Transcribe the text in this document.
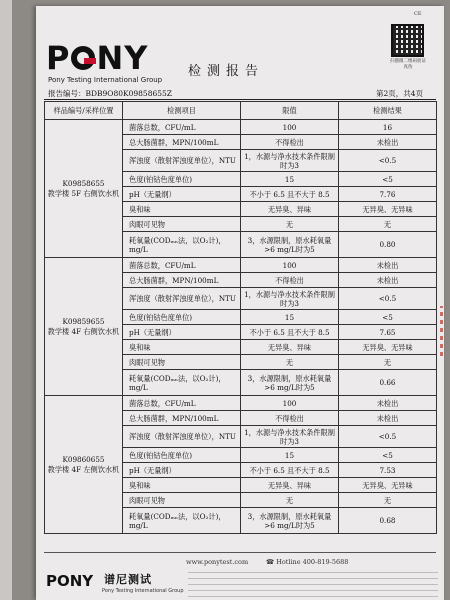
P NY
Pony Testing International Group
检测报告
CE
扫描微二维码验证真伪
报告编号：BDB9O80K09858655Z	第2页，共4页
样品编号/采样位置	检测项目	限值	检测结果
K09858655
教学楼 5F 右侧饮水机	菌落总数，CFU/mL	100	16
	总大肠菌群，MPN/100mL	不得检出	未检出
	浑浊度（散射浑浊度单位），NTU	1，水源与净水技术条件限制时为3	<0.5
	色度(铂钴色度单位)	15	<5
	pH（无量纲）	不小于 6.5 且不大于 8.5	7.76
	臭和味	无异臭、异味	无异臭、无异味
	肉眼可见物	无	无
	耗氧量(CODₘₙ法，以O₂计)，mg/L	3，水源限制，原水耗氧量>6 mg/L时为5	0.80
K09859655
教学楼 4F 右侧饮水机	菌落总数，CFU/mL	100	未检出
	总大肠菌群，MPN/100mL	不得检出	未检出
	浑浊度（散射浑浊度单位），NTU	1，水源与净水技术条件限制时为3	<0.5
	色度(铂钴色度单位)	15	<5
	pH（无量纲）	不小于 6.5 且不大于 8.5	7.65
	臭和味	无异臭、异味	无异臭、无异味
	肉眼可见物	无	无
	耗氧量(CODₘₙ法，以O₂计)，mg/L	3，水源限制，原水耗氧量>6 mg/L时为5	0.66
K09860655
教学楼 4F 左侧饮水机	菌落总数，CFU/mL	100	未检出
	总大肠菌群，MPN/100mL	不得检出	未检出
	浑浊度（散射浑浊度单位），NTU	1，水源与净水技术条件限制时为3	<0.5
	色度(铂钴色度单位)	15	<5
	pH（无量纲）	不小于 6.5 且不大于 8.5	7.53
	臭和味	无异臭、异味	无异臭、无异味
	肉眼可见物	无	无
	耗氧量(CODₘₙ法，以O₂计)，mg/L	3，水源限制，原水耗氧量>6 mg/L时为5	0.68
www.ponytest.com	☎ Hotline 400-819-5688
PONY 谱尼测试
Pony Testing International Group
